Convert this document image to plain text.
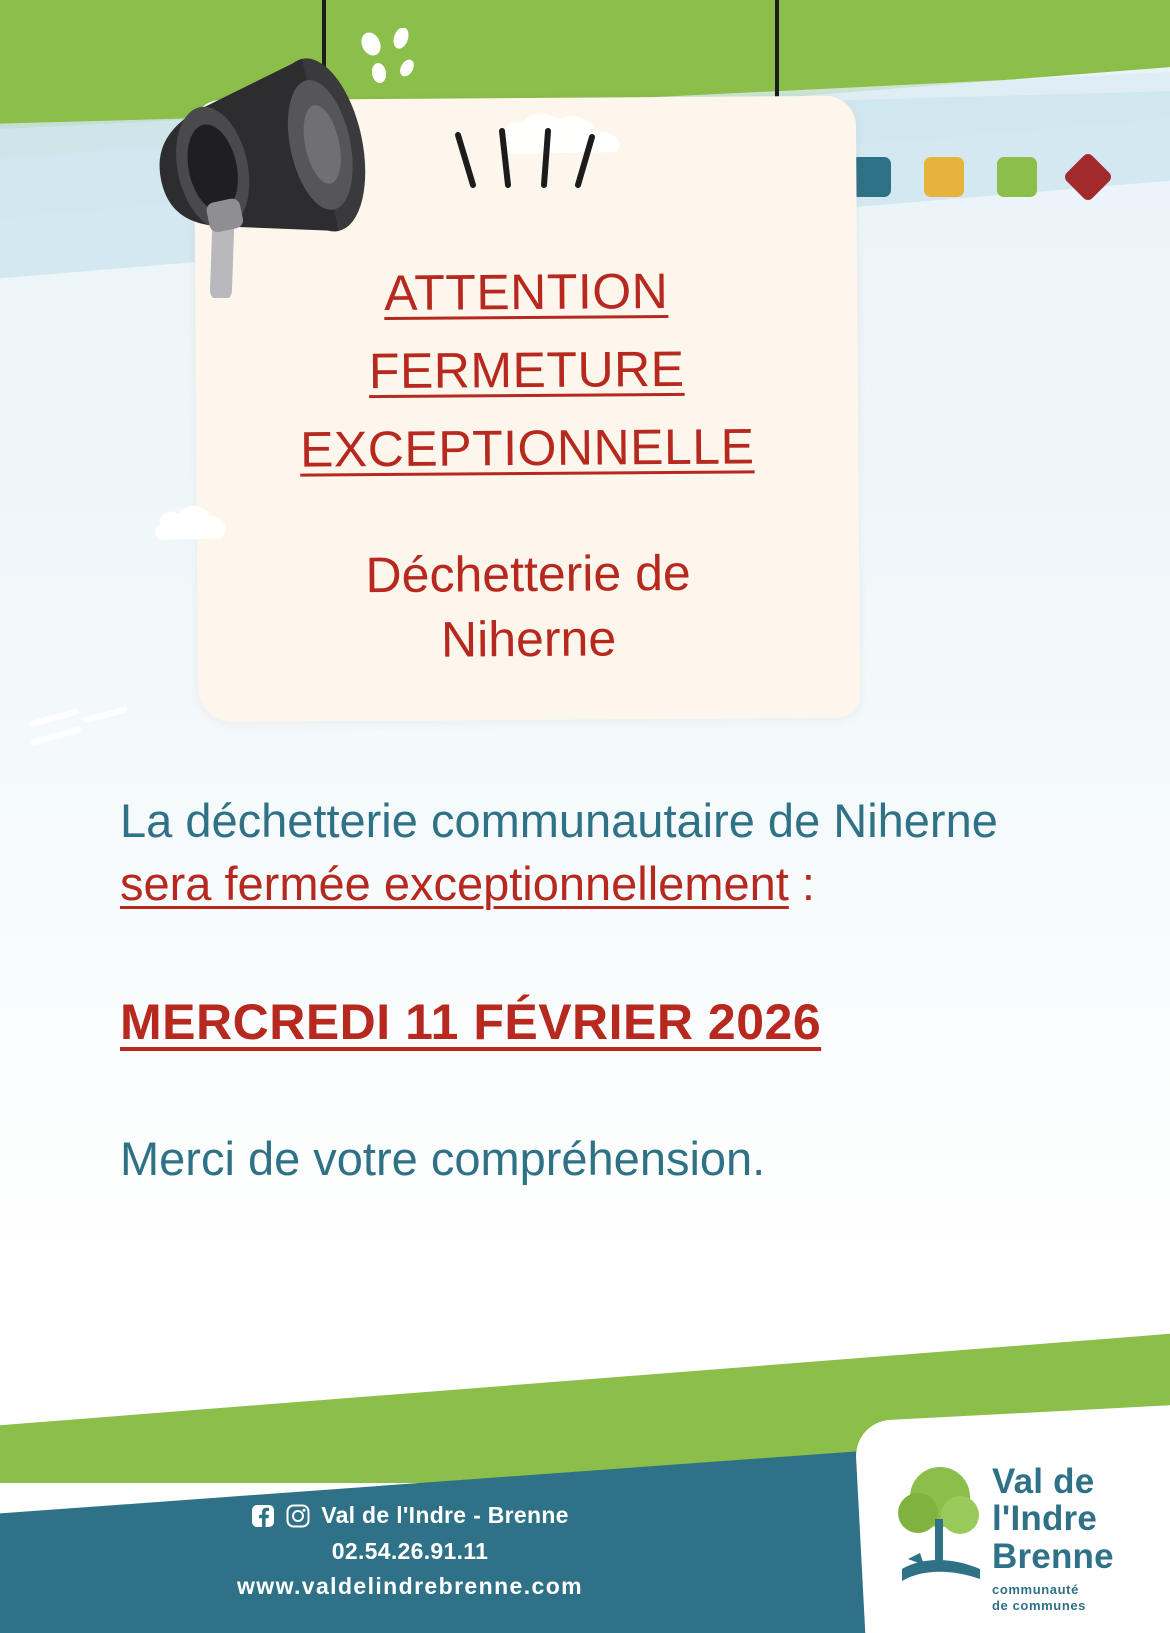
ATTENTION
FERMETURE
EXCEPTIONNELLE
Déchetterie de
Niherne
La déchetterie communautaire de Niherne sera fermée exceptionnellement :
MERCREDI 11 FÉVRIER 2026
Merci de votre compréhension.
Val de l'Indre - Brenne
02.54.26.91.11
www.valdelindrebrenne.com
Val de
l'Indre
Brenne
communauté
de communes
